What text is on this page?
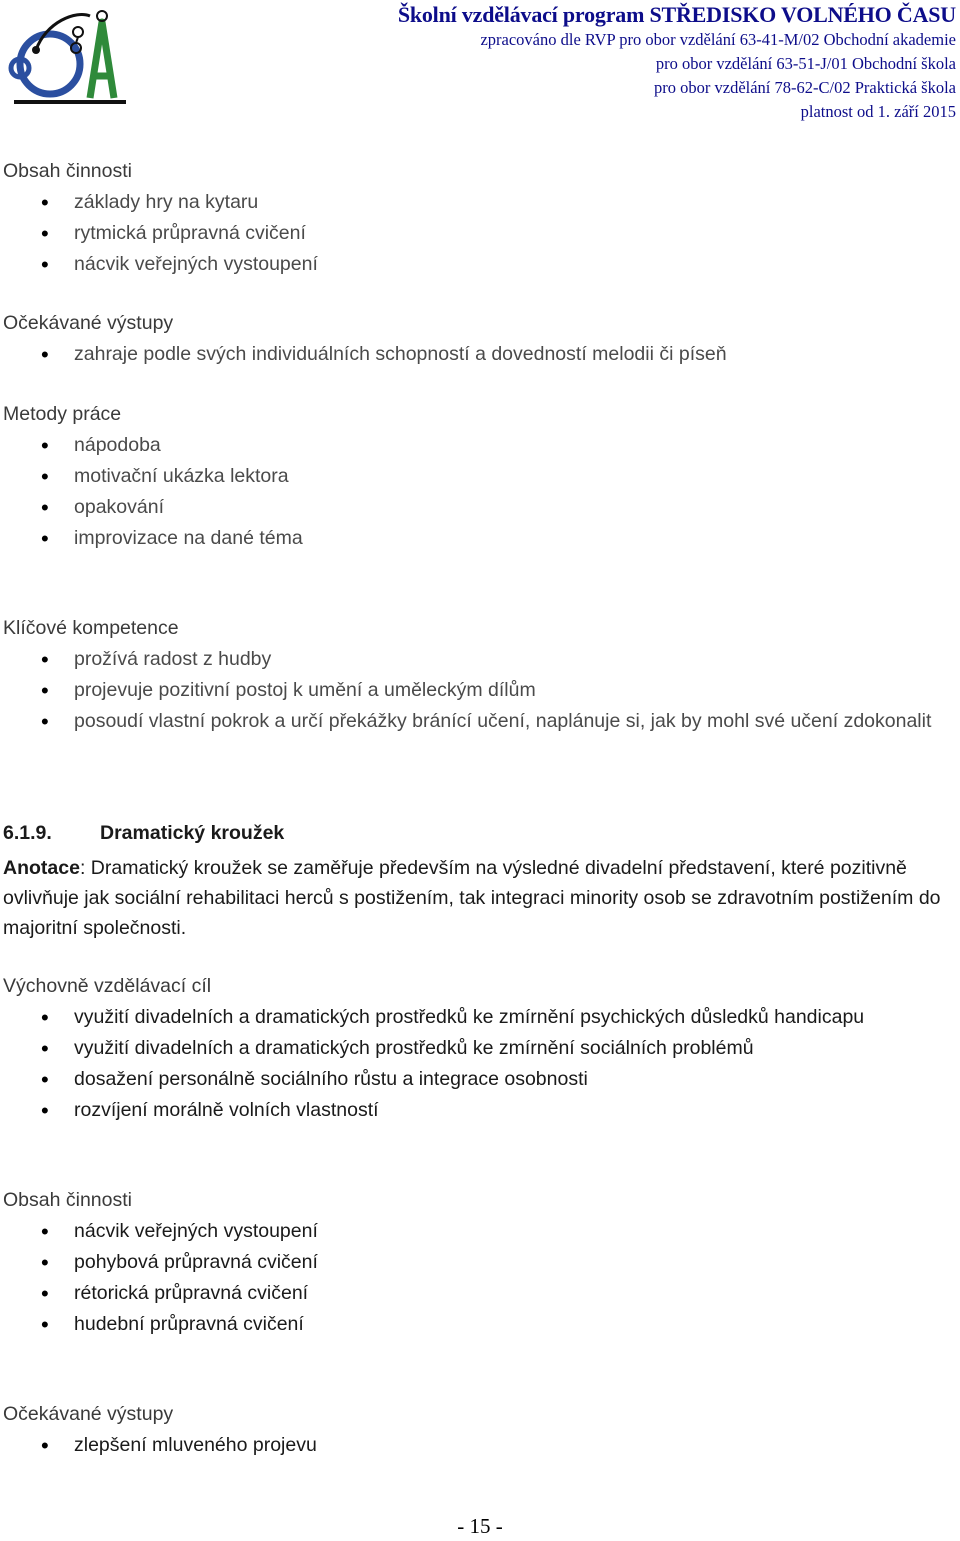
Školní vzdělávací program STŘEDISKO VOLNÉHO ČASU
zpracováno dle RVP pro obor vzdělání 63-41-M/02 Obchodní akademie
pro obor vzdělání 63-51-J/01 Obchodní škola
pro obor vzdělání 78-62-C/02 Praktická škola
platnost od 1. září 2015

Obsah činnosti

• základy hry na kytaru
• rytmická průpravná cvičení
• nácvik veřejných vystoupení

Očekávané výstupy

• zahraje podle svých individuálních schopností a dovedností melodii či píseň

Metody práce

• nápodoba
• motivační ukázka lektora
• opakování
• improvizace na dané téma

Klíčové kompetence

• prožívá radost z hudby
• projevuje pozitivní postoj k umění a uměleckým dílům
• posoudí vlastní pokrok a určí překážky bránící učení, naplánuje si, jak by mohl své učení zdokonalit
6.1.9. Dramatický kroužek

Anotace: Dramatický kroužek se zaměřuje především na výsledné divadelní představení, které pozitivně ovlivňuje jak sociální rehabilitaci herců s postižením, tak integraci minority osob se zdravotním postižením do majoritní společnosti.

Výchovně vzdělávací cíl

• využití divadelních a dramatických prostředků ke zmírnění psychických důsledků handicapu
• využití divadelních a dramatických prostředků ke zmírnění sociálních problémů
• dosažení personálně sociálního růstu a integrace osobnosti
• rozvíjení morálně volních vlastností

Obsah činnosti

• nácvik veřejných vystoupení
• pohybová průpravná cvičení
• rétorická průpravná cvičení
• hudební průpravná cvičení

Očekávané výstupy

• zlepšení mluveného projevu
- 15 -
